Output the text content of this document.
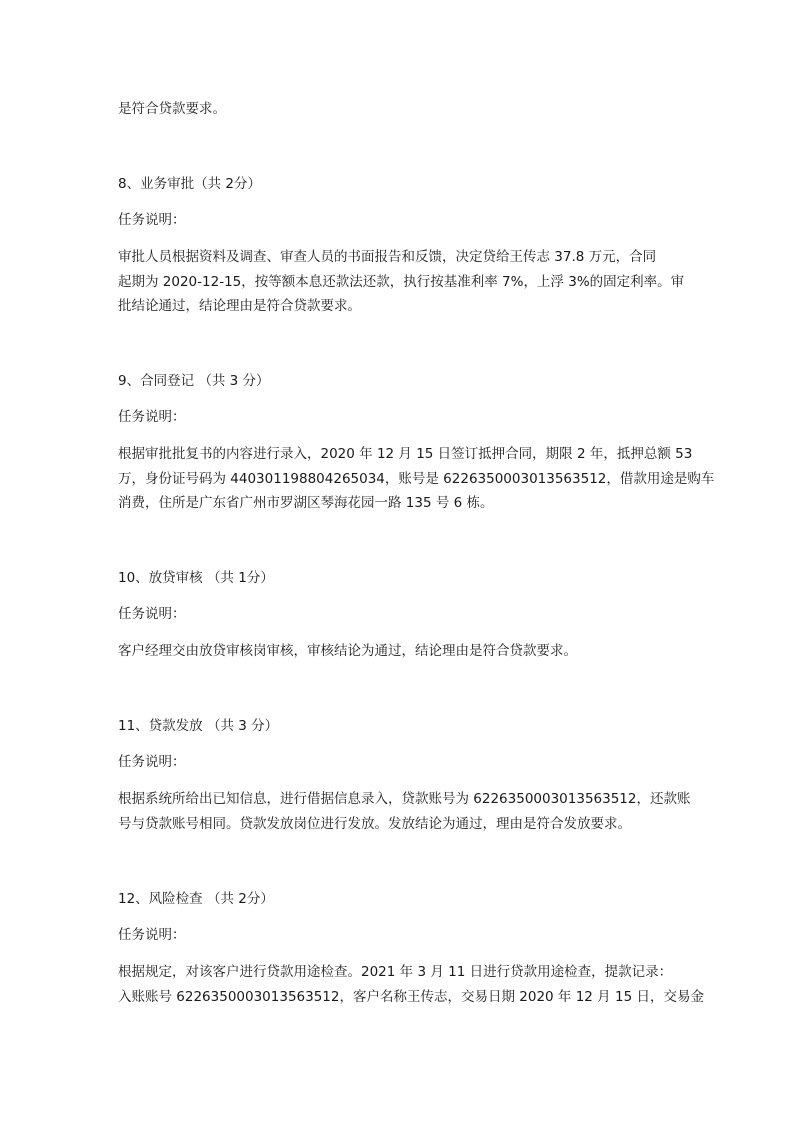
是符合贷款要求。
8、业务审批（共 2分）
任务说明：
审批人员根据资料及调查、审查人员的书面报告和反馈，决定贷给王传志 37.8 万元，合同
起期为 2020-12-15，按等额本息还款法还款，执行按基准利率 7%，上浮 3%的固定利率。审
批结论通过，结论理由是符合贷款要求。
9、合同登记 （共 3 分）
任务说明：
根据审批批复书的内容进行录入，2020 年 12 月 15 日签订抵押合同，期限 2 年，抵押总额 53
万，身份证号码为 440301198804265034，账号是 6226350003013563512，借款用途是购车
消费，住所是广东省广州市罗湖区琴海花园一路 135 号 6 栋。
10、放贷审核 （共 1分）
任务说明：
客户经理交由放贷审核岗审核，审核结论为通过，结论理由是符合贷款要求。
11、贷款发放 （共 3 分）
任务说明：
根据系统所给出已知信息，进行借据信息录入，贷款账号为 6226350003013563512，还款账
号与贷款账号相同。贷款发放岗位进行发放。发放结论为通过，理由是符合发放要求。
12、风险检查 （共 2分）
任务说明：
根据规定，对该客户进行贷款用途检查。2021 年 3 月 11 日进行贷款用途检查，提款记录：
入账账号 6226350003013563512，客户名称王传志，交易日期 2020 年 12 月 15 日，交易金
